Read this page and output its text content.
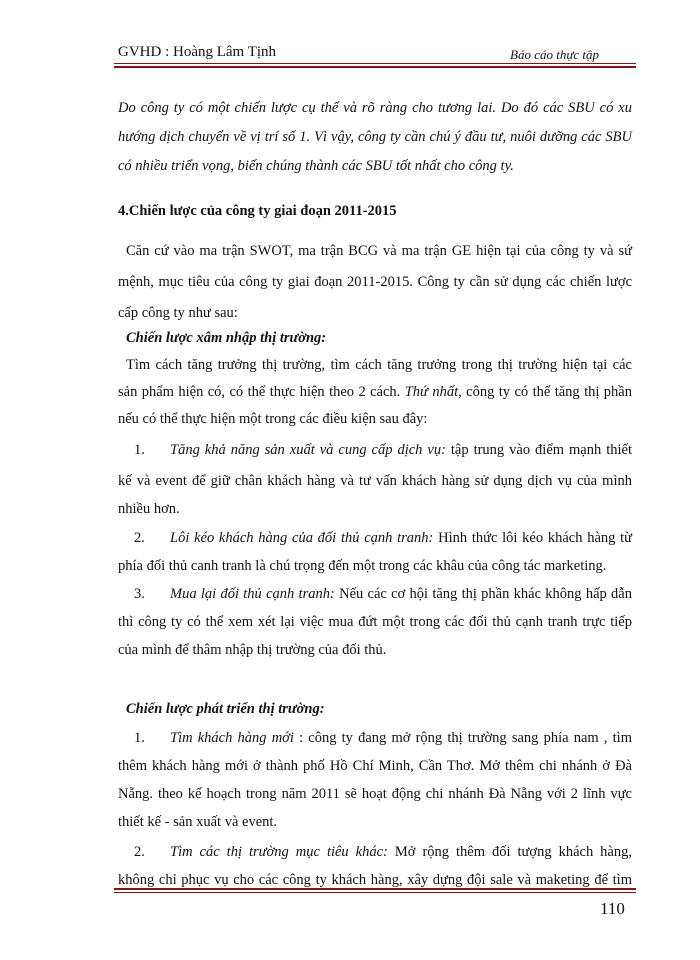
GVHD : Hoàng Lâm Tịnh	Báo cáo thực tập

Do công ty có một chiến lược cụ thể và rõ ràng cho tương lai. Do đó các SBU có xu

hướng dịch chuyển về vị trí số 1. Vì vậy, công ty cần chú ý đầu tư, nuôi dưỡng các SBU

có nhiều triển vọng, biến chúng thành các SBU tốt nhất cho công ty.

4.Chiến lược của công ty giai đoạn 2011-2015

Căn cứ vào ma trận SWOT, ma trận BCG và ma trận GE hiện tại của công ty và sứ

mệnh, mục tiêu của công ty giai đoạn 2011-2015. Công ty cần sử dụng các chiến lược

cấp công ty như sau:

Chiến lược xâm nhập thị trường:

Tìm cách tăng trưởng thị trường, tìm cách tăng trưởng trong thị trường hiện tại các

sản phẩm hiện có, có thể thực hiện theo 2 cách. Thứ nhất, công ty có thể tăng thị phần

nếu có thể thực hiện một trong các điều kiện sau đây:

1. Tăng khả năng sản xuất và cung cấp dịch vụ: tập trung vào điểm mạnh thiết

kế và event để giữ chân khách hàng và tư vấn khách hàng sử dụng dịch vụ của mình

nhiều hơn.

2. Lôi kéo khách hàng của đối thủ cạnh tranh: Hình thức lôi kéo khách hàng từ

phía đối thủ canh tranh là chú trọng đến một trong các khâu của công tác marketing.

3. Mua lại đối thủ cạnh tranh: Nếu các cơ hội tăng thị phần khác không hấp dẫn

thì công ty có thể xem xét lại việc mua đứt một trong các đối thủ cạnh tranh trực tiếp

của mình để thâm nhập thị trường của đối thủ.

Chiến lược phát triển thị trường:

1. Tìm khách hàng mới : công ty đang mở rộng thị trường sang phía nam , tìm

thêm khách hàng mới ở thành phố Hồ Chí Minh, Cần Thơ. Mở thêm chi nhánh ở Đà

Nẵng. theo kế hoạch trong năm 2011 sẽ hoạt động chi nhánh Đà Nẵng với 2 lĩnh vực

thiết kế - sản xuất và event.

2. Tìm các thị trường mục tiêu khác: Mở rộng thêm đối tượng khách hàng,

không chỉ phục vụ cho các công ty khách hàng, xây dựng đội sale và maketing để tìm

110
